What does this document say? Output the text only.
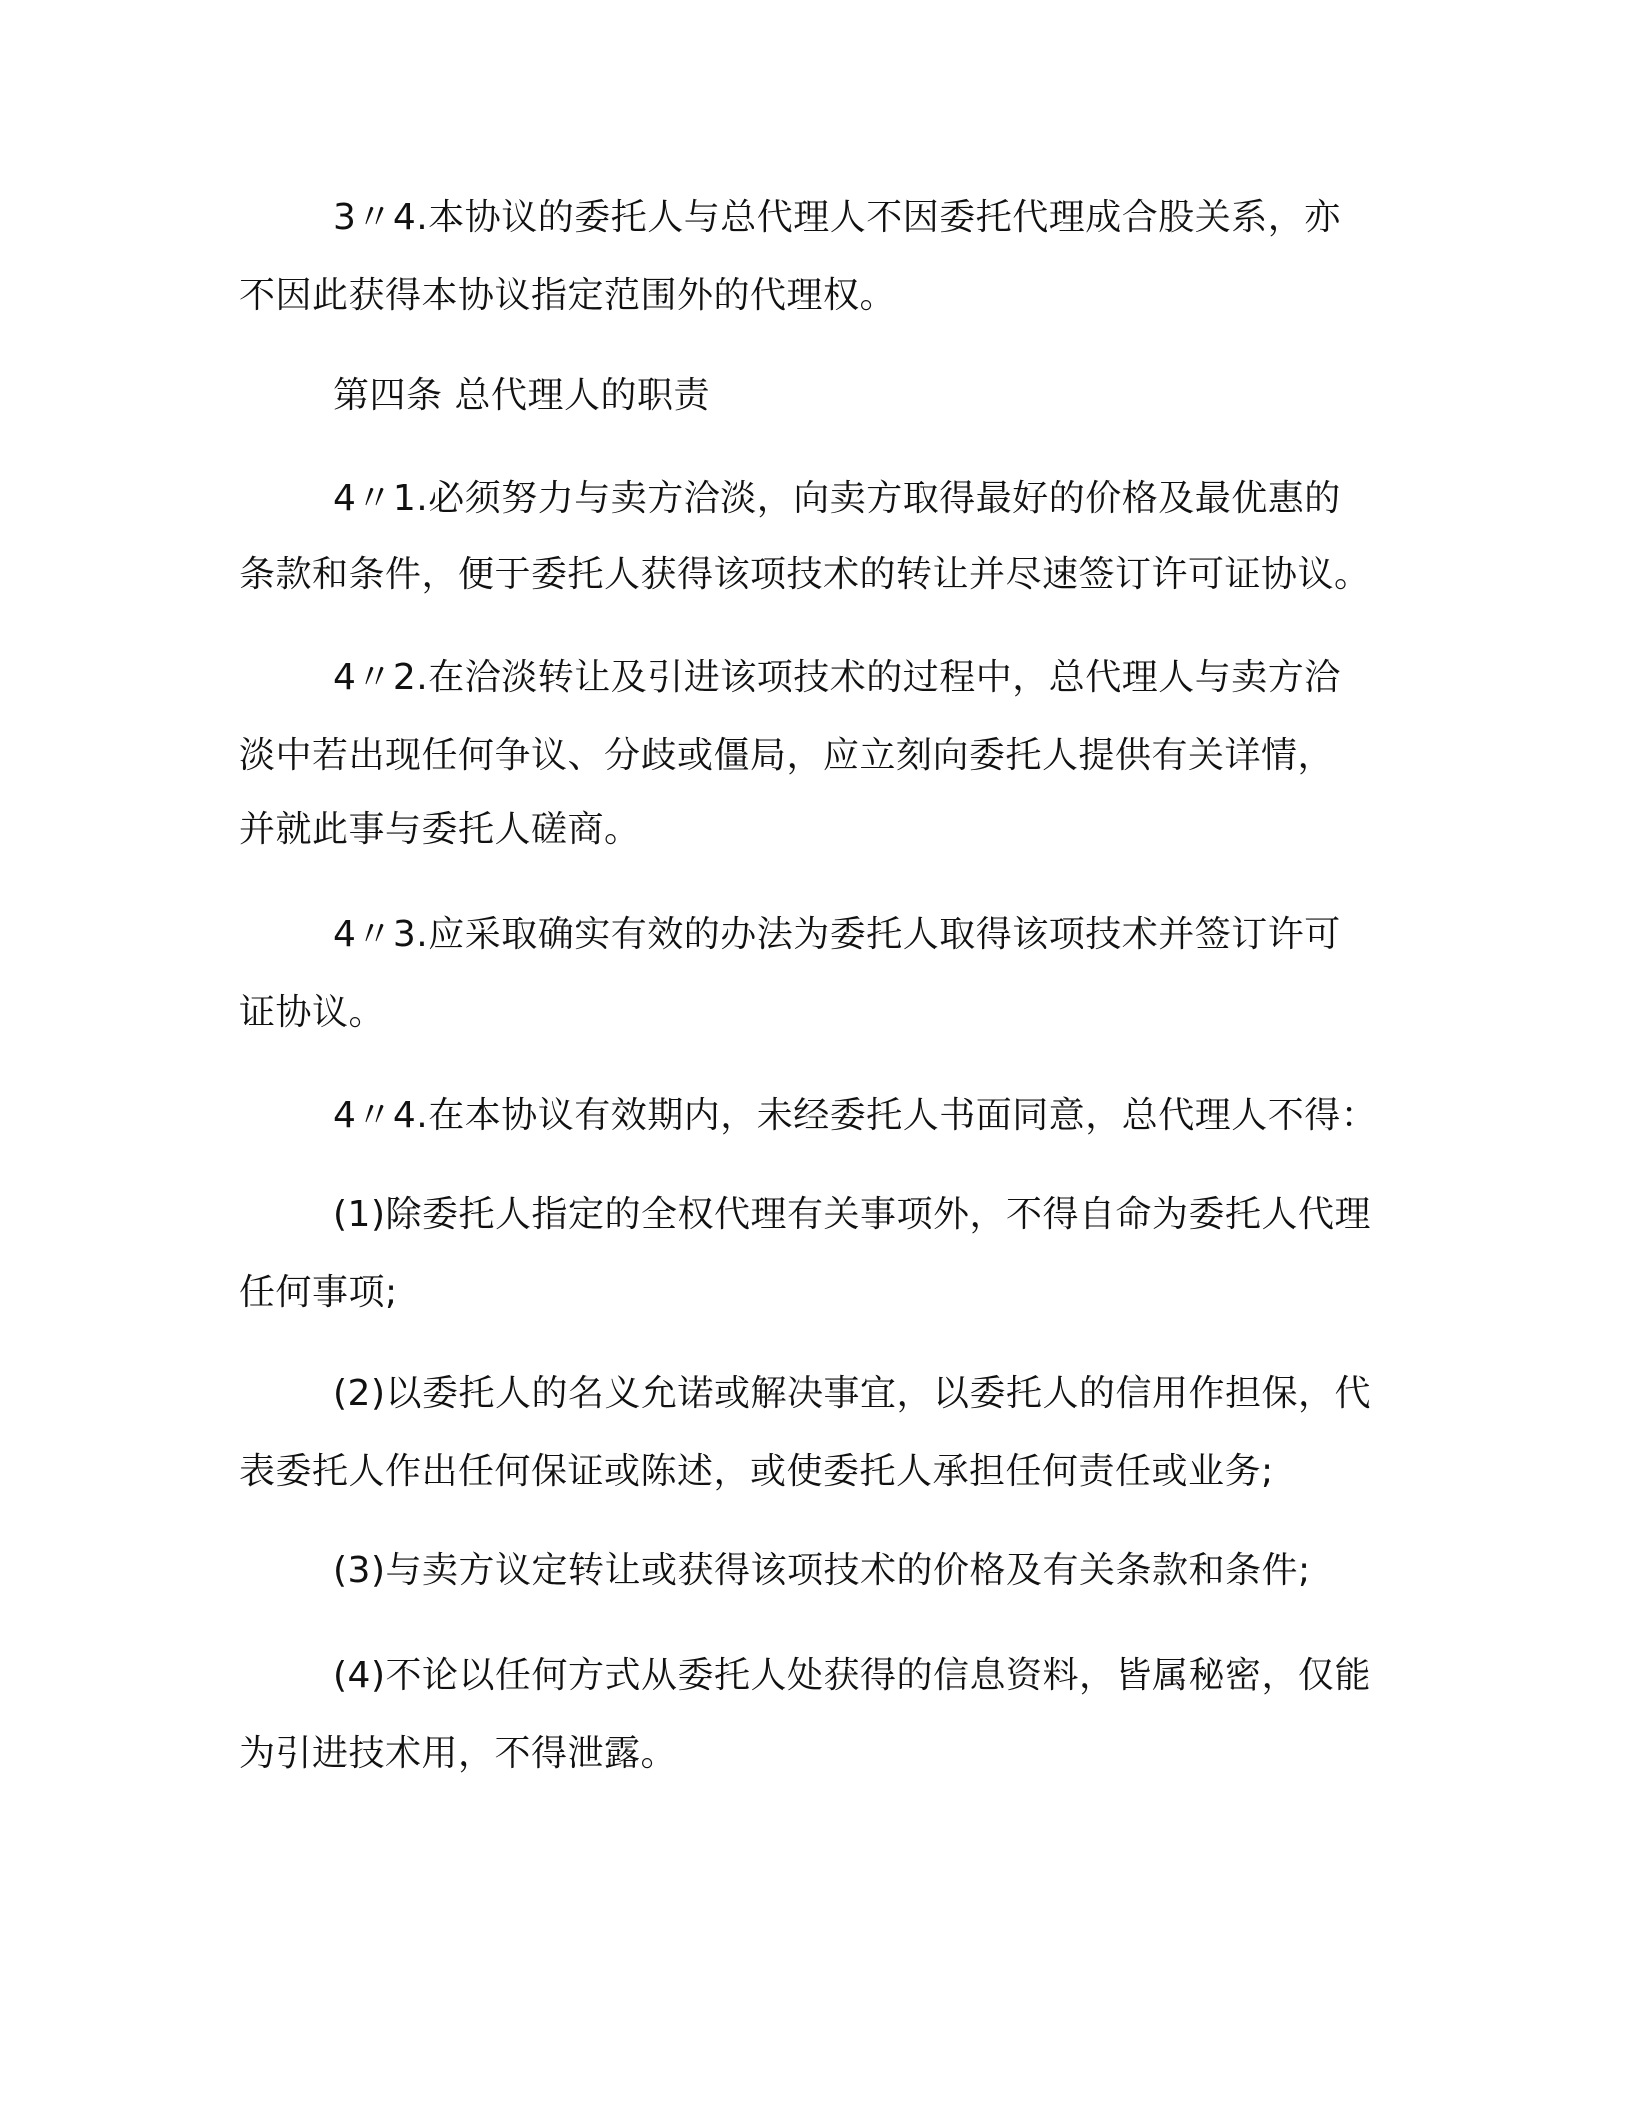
3〃4.本协议的委托人与总代理人不因委托代理成合股关系，亦
不因此获得本协议指定范围外的代理权。
第四条 总代理人的职责
4〃1.必须努力与卖方洽淡，向卖方取得最好的价格及最优惠的
条款和条件，便于委托人获得该项技术的转让并尽速签订许可证协议。
4〃2.在洽淡转让及引进该项技术的过程中，总代理人与卖方洽
淡中若出现任何争议、分歧或僵局，应立刻向委托人提供有关详情，
并就此事与委托人磋商。
4〃3.应采取确实有效的办法为委托人取得该项技术并签订许可
证协议。
4〃4.在本协议有效期内，未经委托人书面同意，总代理人不得：
(1)除委托人指定的全权代理有关事项外，不得自命为委托人代理
任何事项;
(2)以委托人的名义允诺或解决事宜，以委托人的信用作担保，代
表委托人作出任何保证或陈述，或使委托人承担任何责任或业务;
(3)与卖方议定转让或获得该项技术的价格及有关条款和条件;
(4)不论以任何方式从委托人处获得的信息资料，皆属秘密，仅能
为引进技术用，不得泄露。
